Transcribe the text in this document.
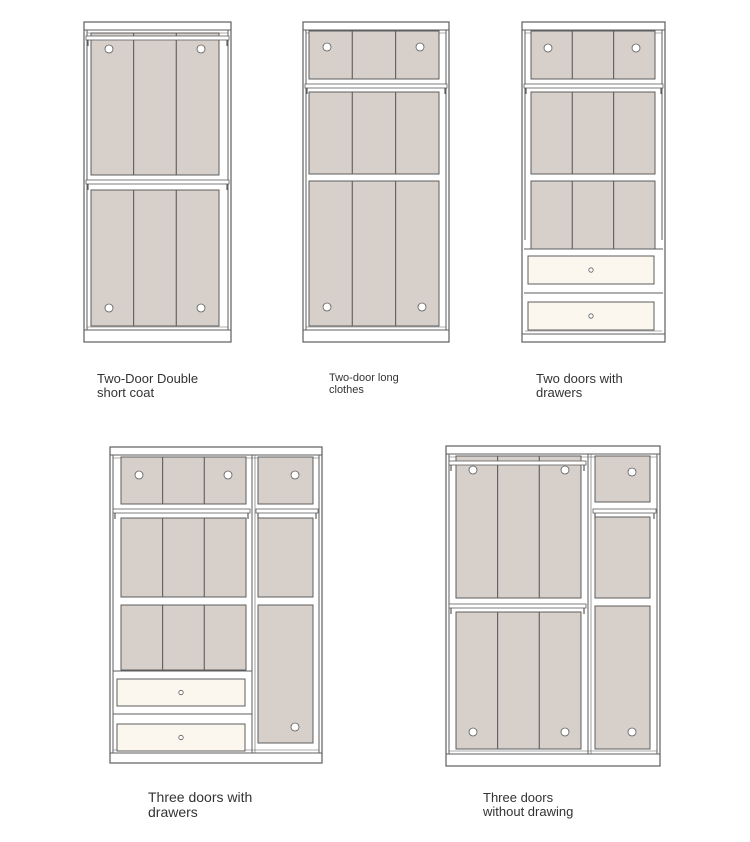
Two-Door Double
short coat
Two-door long
clothes
Two doors with
drawers
Three doors with
drawers
Three doors
without drawing
